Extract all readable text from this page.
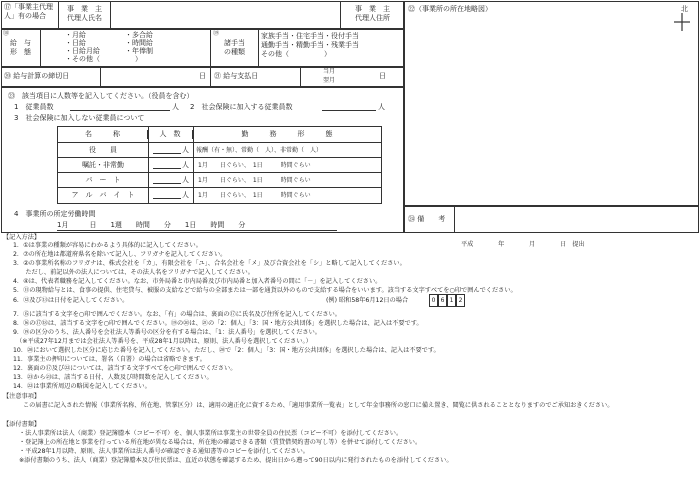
⑰「事業主代理人」有の場合
事　業　主
代理人氏名
事　業　主
代理人住所
⑱
給　与
形　態
・月給	・多合給
・日給	・時間給
・日給月給	・年俸制
・その他（　　　　　）
⑲
諸手当
の種類
家族手当・住宅手当・役付手当
通勤手当・精勤手当・残業手当
その他（　　　　　）
⑳ 給与計算の締切日	日	㉑ 給与支払日
当月
翌月
日
㉒（事業所の所在地略図）	北
㉔ 備　　考
㉓　該当項目に人数等を記入してください。（役員を含む）
1　従業員数	人 2　社会保険に加入する従業員数	人
3　社会保険に加入しない従業員について
名　　　称	人　数	勤　　　務　　　形　　　態
役　　員	人 報酬（有・無）、常勤（　人）、非常勤（　人）
嘱託・非常勤	人 1月　　日ぐらい、　1日　　　時間ぐらい
パ　ー　ト	人 1月　　日ぐらい、　1日　　　時間ぐらい
ア　ル　バ　イ　ト	人 1月　　日ぐらい、　1日　　　時間ぐらい
4　事業所の所定労働時間
1月　　　日　　1週　　時間　　分　　1日　　時間　　分
【記入方法】
平成　　　　年　　　　月　　　　日　提出
1．①は事業の種類が容易にわかるよう具体的に記入してください。
2．⑦の所在地は都道府県名を除いて記入し、フリガナを記入してください。
3．②の事業所名称のフリガナは、株式会社を「カ」、有限会社を「ユ」、合名会社を「メ」及び合資会社を「シ」と略して記入してください。
　　ただし、前記以外の法人については、その法人名をフリガナで記入してください。
4．④は、代表者職務を記入してください。なお、市外局番と市内局番及び市内局番と加入者番号の間に「－」を記入してください。
5．⑪の現物給与とは、食事の提供、住宅貸与、被服の支給などで給与の全部または一部を通貨以外のもので支給する場合をいいます。該当する文字すべてを○印で囲んでください。
6．⑫及び⑬は日付を記入してください。	(例) 昭和58年6月12日の場合	0 6 1 2
7．⑮に該当する文字を○印で囲んでください。なお、「有」の場合は、裏面の⑰に氏名及び住所を記入してください。
8．⑯の⑰⑱は、該当する文字を○印で囲んでください。⑲の⑳は、㉑の「2：個人」「3：国・地方公共団体」を選択した場合は、記入は不要です。
9．⑲の区分のうち、法人番号を会社法人等番号の区分を有する場合は、「1：法人番号」を選択してください。
　（※平成27年12月までは会社法人等番号を、平成28年1月以降は、原則、法人番号を選択してください。）
10．⑳において選択した区分に応じた番号を記入してください。ただし、⑳で「2：個人」「3：国・地方公共団体」を選択した場合は、記入は不要です。
11．事業主の押印については、署名（自署）の場合は省略できます。
12．裏面の⑰及び㉒については、該当する文字すべてを○印で囲んでください。
13．㉓から㉓は、該当する日付、人数及び時間数を記入してください。
14．㉒は事業所周辺の略図を記入してください。
【注意事項】
この届書に記入された情報（事業所名称、所在地、管掌区分）は、適用の適正化に資するため、「適用事業所一覧表」として年金事務所の窓口に備え置き、閲覧に供されることとなりますのでご承知おきください。
【添付書類】
・法人事業所は法人（商業）登記簿謄本（コピー不可）を、個人事業所は事業主の世帯全員の住民票（コピー不可）を添付してください。
・登記簿上の所在地と事業を行っている所在地が異なる場合は、所在地の確認できる書類（賃貸借契約書の写し等）を併せて添付してください。
・平成28年1月以降、原則、法人事業所は法人番号が確認できる通知書等のコピーを添付してください。
※添付書類のうち、法人（商業）登記簿謄本及び住民票は、直近の状態を確認するため、提出日から遡って90日以内に発行されたものを添付してください。
